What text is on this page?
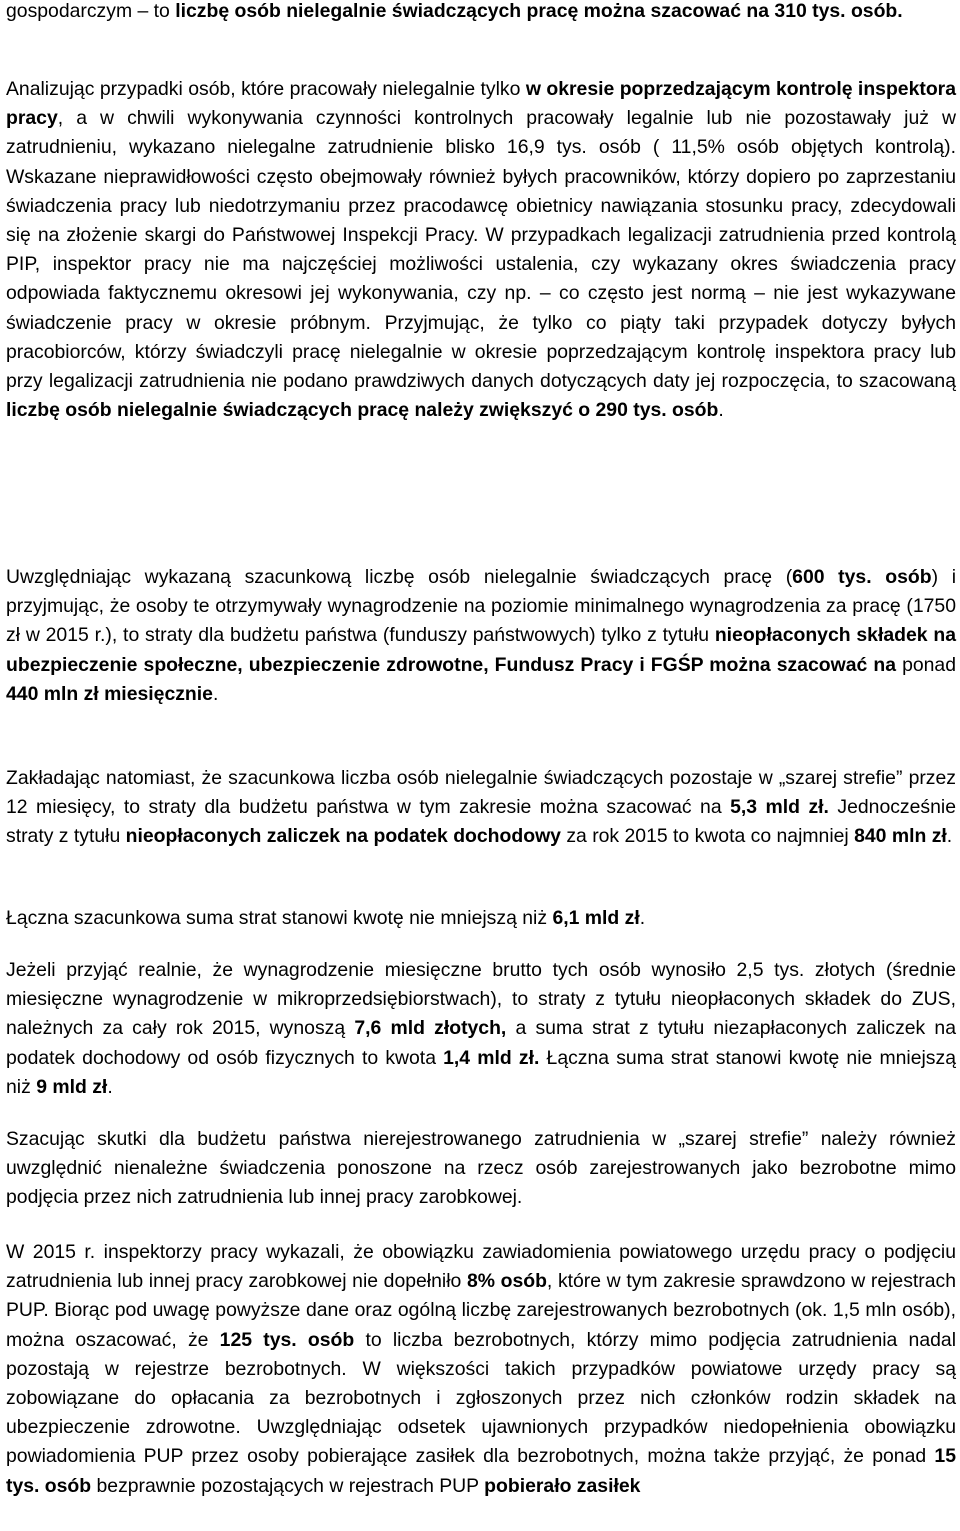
gospodarczym – to liczbę osób nielegalnie świadczących pracę można szacować na 310 tys. osób.

Analizując przypadki osób, które pracowały nielegalnie tylko w okresie poprzedzającym kontrolę inspektora pracy, a w chwili wykonywania czynności kontrolnych pracowały legalnie lub nie pozostawały już w zatrudnieniu, wykazano nielegalne zatrudnienie blisko 16,9 tys. osób ( 11,5% osób objętych kontrolą). Wskazane nieprawidłowości często obejmowały również byłych pracowników, którzy dopiero po zaprzestaniu świadczenia pracy lub niedotrzymaniu przez pracodawcę obietnicy nawiązania stosunku pracy, zdecydowali się na złożenie skargi do Państwowej Inspekcji Pracy. W przypadkach legalizacji zatrudnienia przed kontrolą PIP, inspektor pracy nie ma najczęściej możliwości ustalenia, czy wykazany okres świadczenia pracy odpowiada faktycznemu okresowi jej wykonywania, czy np. – co często jest normą – nie jest wykazywane świadczenie pracy w okresie próbnym. Przyjmując, że tylko co piąty taki przypadek dotyczy byłych pracobiorców, którzy świadczyli pracę nielegalnie w okresie poprzedzającym kontrolę inspektora pracy lub przy legalizacji zatrudnienia nie podano prawdziwych danych dotyczących daty jej rozpoczęcia, to szacowaną liczbę osób nielegalnie świadczących pracę należy zwiększyć o 290 tys. osób.

Uwzględniając wykazaną szacunkową liczbę osób nielegalnie świadczących pracę (600 tys. osób) i przyjmując, że osoby te otrzymywały wynagrodzenie na poziomie minimalnego wynagrodzenia za pracę (1750 zł w 2015 r.), to straty dla budżetu państwa (funduszy państwowych) tylko z tytułu nieopłaconych składek na ubezpieczenie społeczne, ubezpieczenie zdrowotne, Fundusz Pracy i FGŚP można szacować na ponad 440 mln zł miesięcznie.

Zakładając natomiast, że szacunkowa liczba osób nielegalnie świadczących pozostaje w „szarej strefie” przez 12 miesięcy, to straty dla budżetu państwa w tym zakresie można szacować na 5,3 mld zł. Jednocześnie straty z tytułu nieopłaconych zaliczek na podatek dochodowy za rok 2015 to kwota co najmniej 840 mln zł.

Łączna szacunkowa suma strat stanowi kwotę nie mniejszą niż 6,1 mld zł.

Jeżeli przyjąć realnie, że wynagrodzenie miesięczne brutto tych osób wynosiło 2,5 tys. złotych (średnie miesięczne wynagrodzenie w mikroprzedsiębiorstwach), to straty z tytułu nieopłaconych składek do ZUS, należnych za cały rok 2015, wynoszą 7,6 mld złotych, a suma strat z tytułu niezapłaconych zaliczek na podatek dochodowy od osób fizycznych to kwota 1,4 mld zł. Łączna suma strat stanowi kwotę nie mniejszą niż 9 mld zł.

Szacując skutki dla budżetu państwa nierejestrowanego zatrudnienia w „szarej strefie” należy również uwzględnić nienależne świadczenia ponoszone na rzecz osób zarejestrowanych jako bezrobotne mimo podjęcia przez nich zatrudnienia lub innej pracy zarobkowej.

W 2015 r. inspektorzy pracy wykazali, że obowiązku zawiadomienia powiatowego urzędu pracy o podjęciu zatrudnienia lub innej pracy zarobkowej nie dopełniło 8% osób, które w tym zakresie sprawdzono w rejestrach PUP. Biorąc pod uwagę powyższe dane oraz ogólną liczbę zarejestrowanych bezrobotnych (ok. 1,5 mln osób), można oszacować, że 125 tys. osób to liczba bezrobotnych, którzy mimo podjęcia zatrudnienia nadal pozostają w rejestrze bezrobotnych. W większości takich przypadków powiatowe urzędy pracy są zobowiązane do opłacania za bezrobotnych i zgłoszonych przez nich członków rodzin składek na ubezpieczenie zdrowotne. Uwzględniając odsetek ujawnionych przypadków niedopełnienia obowiązku powiadomienia PUP przez osoby pobierające zasiłek dla bezrobotnych, można także przyjąć, że ponad 15 tys. osób bezprawnie pozostających w rejestrach PUP pobierało zasiłek
